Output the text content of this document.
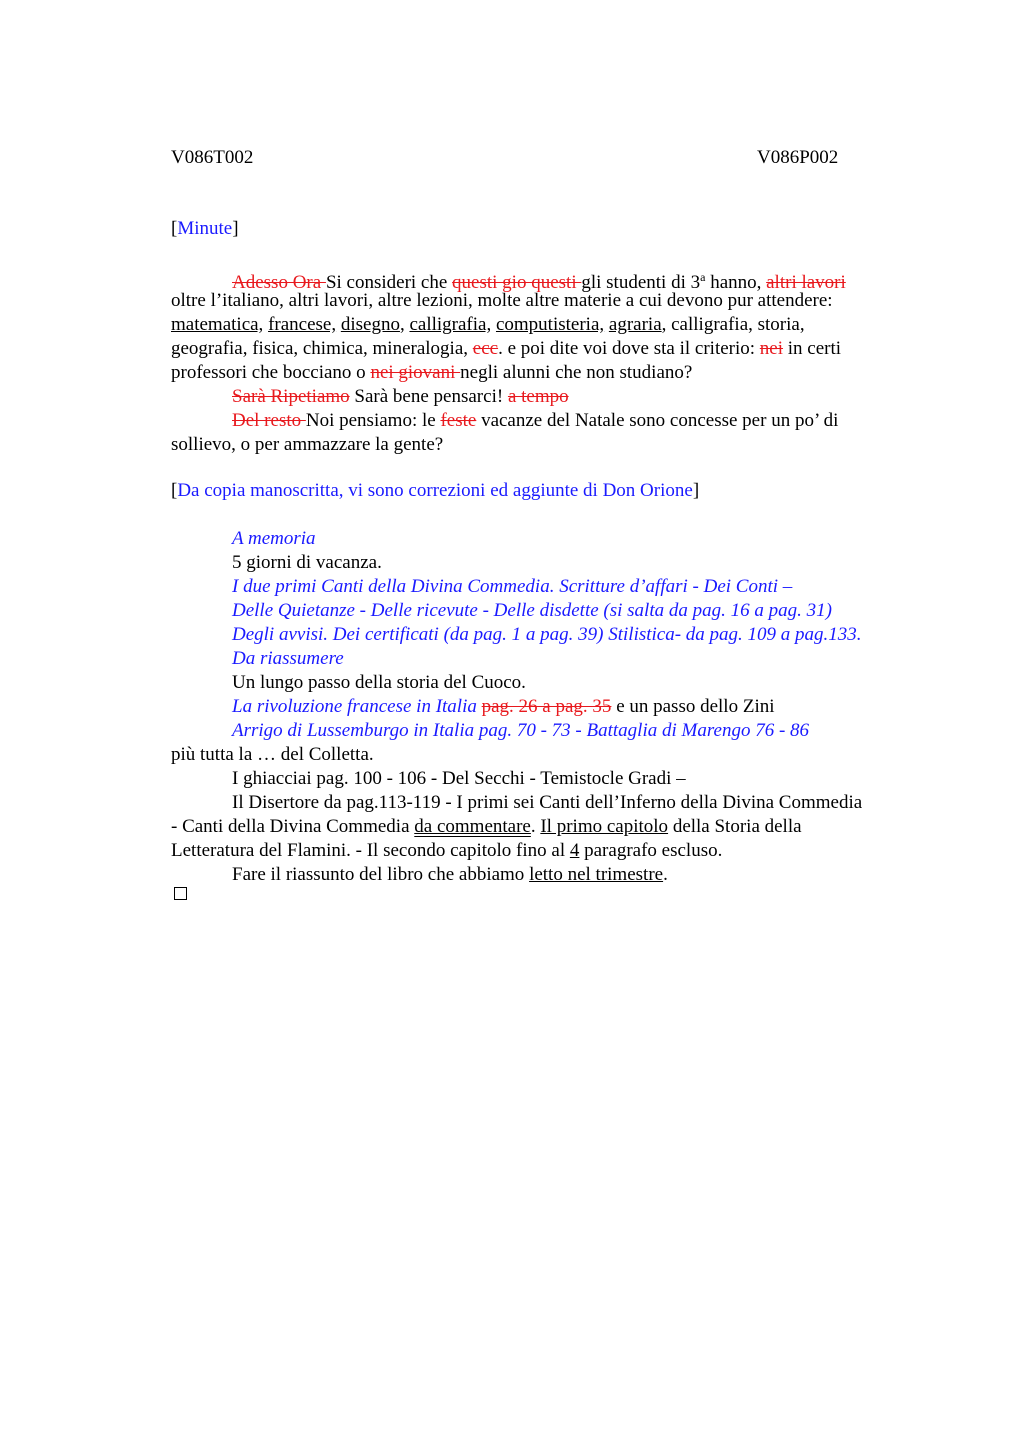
V086T002	V086P002
[Minute]
Adesso Ora Si consideri che questi gio questi gli studenti di 3$^a$ hanno, altri lavori
oltre l’italiano, altri lavori, altre lezioni, molte altre materie a cui devono pur attendere:
matematica, francese, disegno, calligrafia, computisteria, agraria, calligrafia, storia,
geografia, fisica, chimica, mineralogia, ecc. e poi dite voi dove sta il criterio: nei in certi
professori che bocciano o nei giovani negli alunni che non studiano?
Sarà Ripetiamo Sarà bene pensarci! a tempo
Del resto Noi pensiamo: le feste vacanze del Natale sono concesse per un po’ di
sollievo, o per ammazzare la gente?
[Da copia manoscritta, vi sono correzioni ed aggiunte di Don Orione]
A memoria
5 giorni di vacanza.
I due primi Canti della Divina Commedia. Scritture d’affari - Dei Conti –
Delle Quietanze - Delle ricevute - Delle disdette (si salta da pag. 16 a pag. 31)
Degli avvisi. Dei certificati (da pag. 1 a pag. 39) Stilistica- da pag. 109 a pag.133.
Da riassumere
Un lungo passo della storia del Cuoco.
La rivoluzione francese in Italia pag. 26 a pag. 35 e un passo dello Zini
Arrigo di Lussemburgo in Italia pag. 70 - 73 - Battaglia di Marengo 76 - 86
più tutta la … del Colletta.
I ghiacciai pag. 100 - 106 - Del Secchi - Temistocle Gradi –
Il Disertore da pag.113-119 - I primi sei Canti dell’Inferno della Divina Commedia
- Canti della Divina Commedia da commentare. Il primo capitolo della Storia della
Letteratura del Flamini. - Il secondo capitolo fino al 4 paragrafo escluso.
Fare il riassunto del libro che abbiamo letto nel trimestre.
